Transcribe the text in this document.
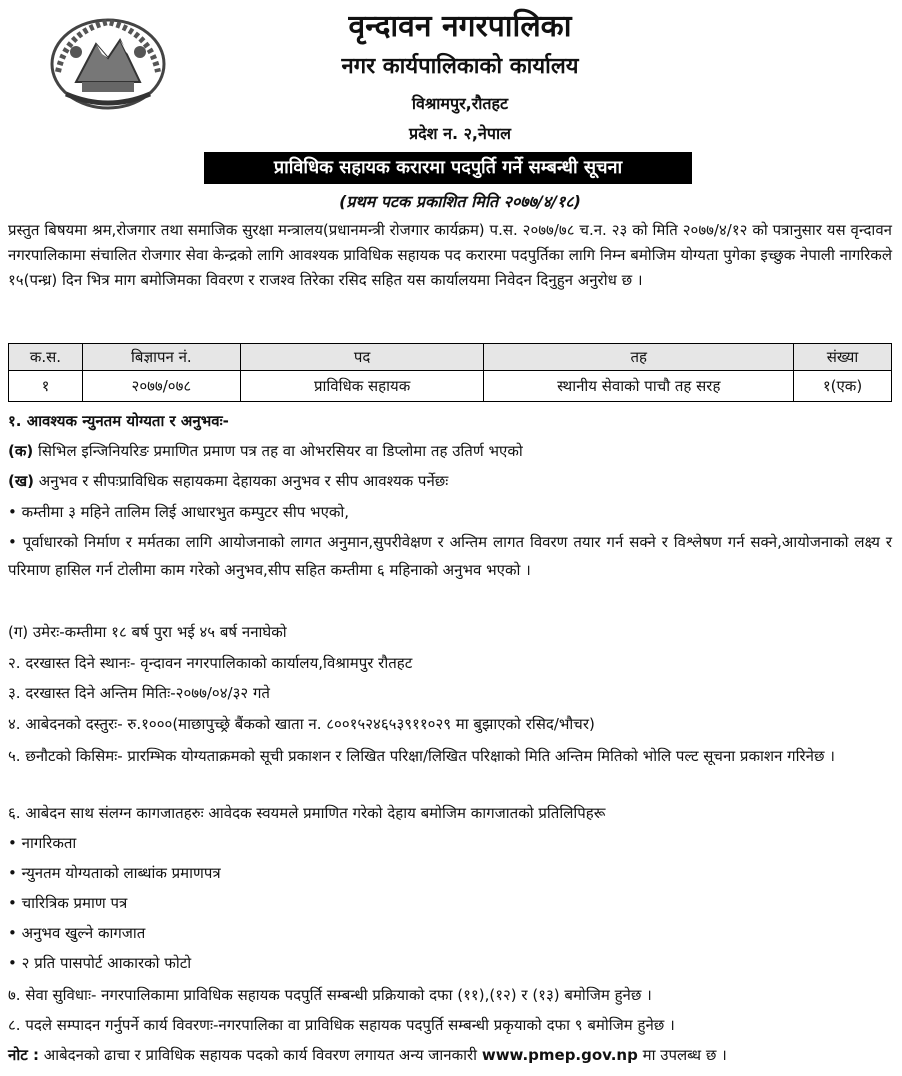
वृन्दावन नगरपालिका
नगर कार्यपालिकाको कार्यालय
विश्रामपुर,रौतहट
प्रदेश न. २,नेपाल
प्राविधिक सहायक करारमा पदपुर्ति गर्ने सम्बन्धी सूचना
(प्रथम पटक प्रकाशित मिति २०७७/४/१८)
प्रस्तुत बिषयमा श्रम,रोजगार तथा समाजिक सुरक्षा मन्त्रालय(प्रधानमन्त्री रोजगार कार्यक्रम) प.स. २०७७/७८ च.न. २३ को मिति २०७७/४/१२ को पत्रानुसार यस वृन्दावन नगरपालिकामा संचालित रोजगार सेवा केन्द्रको लागि आवश्यक प्राविधिक सहायक पद करारमा पदपुर्तिका लागि निम्न बमोजिम योग्यता पुगेका इच्छुक नेपाली नागरिकले १५(पन्ध्र) दिन भित्र माग बमोजिमका विवरण र राजश्व तिरेका रसिद सहित यस कार्यालयमा निवेदन दिनुहुन अनुरोध छ ।
क.स.	बिज्ञापन नं.	पद	तह	संख्या
१	२०७७/०७८	प्राविधिक सहायक	स्थानीय सेवाको पाचौ तह सरह	१(एक)
१. आवश्यक न्युनतम योग्यता र अनुभवः-
(क) सिभिल इन्जिनियरिङ प्रमाणित प्रमाण पत्र तह वा ओभरसियर वा डिप्लोमा तह उतिर्ण भएको
(ख) अनुभव र सीपःप्राविधिक सहायकमा देहायका अनुभव र सीप आवश्यक पर्नेछः
• कम्तीमा ३ महिने तालिम लिई आधारभुत कम्पुटर सीप भएको,
• पूर्वाधारको निर्माण र मर्मतका लागि आयोजनाको लागत अनुमान,सुपरीवेक्षण र अन्तिम लागत विवरण तयार गर्न सक्ने र विश्लेषण गर्न सक्ने,आयोजनाको लक्ष्य र परिमाण हासिल गर्न टोलीमा काम गरेको अनुभव,सीप सहित कम्तीमा ६ महिनाको अनुभव भएको ।
(ग) उमेरः-कम्तीमा १८ बर्ष पुरा भई ४५ बर्ष ननाघेको
२. दरखास्त दिने स्थानः- वृन्दावन नगरपालिकाको कार्यालय,विश्रामपुर रौतहट
३. दरखास्त दिने अन्तिम मितिः-२०७७/०४/३२ गते
४. आबेदनको दस्तुरः- रु.१०००(माछापुच्छ्रे बैंकको खाता न. ८००१५२४६५३९११०२९ मा बुझाएको रसिद/भौचर)
५. छनौटको किसिमः- प्रारम्भिक योग्यताक्रमको सूची प्रकाशन र लिखित परिक्षा/लिखित परिक्षाको मिति अन्तिम मितिको भोलि पल्ट सूचना प्रकाशन गरिनेछ ।
६. आबेदन साथ संलग्न कागजातहरुः आवेदक स्वयमले प्रमाणित गरेको देहाय बमोजिम कागजातको प्रतिलिपिहरू
• नागरिकता
• न्युनतम योग्यताको लाब्धांक प्रमाणपत्र
• चारित्रिक प्रमाण पत्र
• अनुभव खुल्ने कागजात
• २ प्रति पासपोर्ट आकारको फोटो
७. सेवा सुविधाः- नगरपालिकामा प्राविधिक सहायक पदपुर्ति सम्बन्धी प्रक्रियाको दफा (११),(१२) र (१३) बमोजिम हुनेछ ।
८. पदले सम्पादन गर्नुपर्ने कार्य विवरणः-नगरपालिका वा प्राविधिक सहायक पदपुर्ति सम्बन्धी प्रकृयाको दफा ९ बमोजिम हुनेछ ।
नोट : आबेदनको ढाचा र प्राविधिक सहायक पदको कार्य विवरण लगायत अन्य जानकारी www.pmep.gov.np मा उपलब्ध छ ।
